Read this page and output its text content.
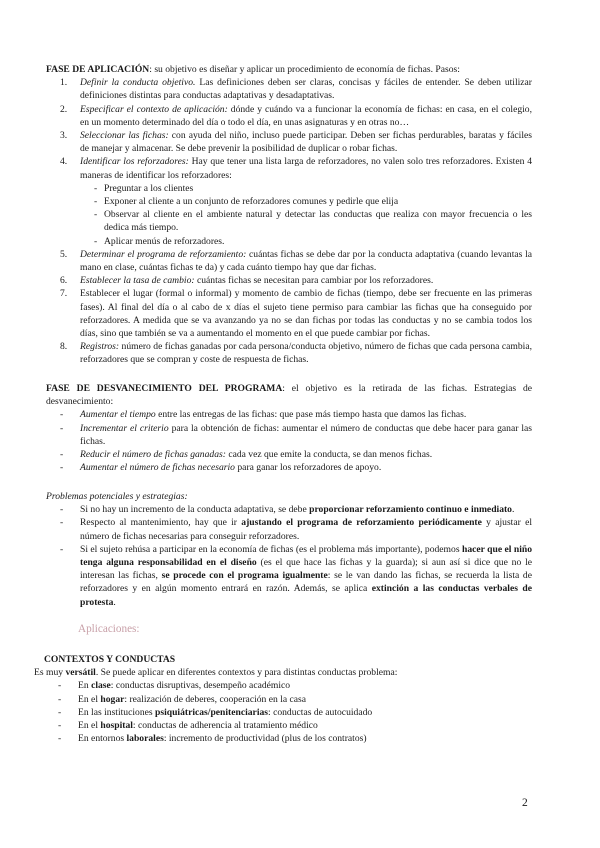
FASE DE APLICACIÓN: su objetivo es diseñar y aplicar un procedimiento de economía de fichas. Pasos:

1. Definir la conducta objetivo. Las definiciones deben ser claras, concisas y fáciles de entender. Se deben utilizar definiciones distintas para conductas adaptativas y desadaptativas.
2. Especificar el contexto de aplicación: dónde y cuándo va a funcionar la economía de fichas: en casa, en el colegio, en un momento determinado del día o todo el día, en unas asignaturas y en otras no…
3. Seleccionar las fichas: con ayuda del niño, incluso puede participar. Deben ser fichas perdurables, baratas y fáciles de manejar y almacenar. Se debe prevenir la posibilidad de duplicar o robar fichas.
4. Identificar los reforzadores: Hay que tener una lista larga de reforzadores, no valen solo tres reforzadores. Existen 4 maneras de identificar los reforzadores:
- Preguntar a los clientes
- Exponer al cliente a un conjunto de reforzadores comunes y pedirle que elija
- Observar al cliente en el ambiente natural y detectar las conductas que realiza con mayor frecuencia o les dedica más tiempo.
- Aplicar menús de reforzadores.
5. Determinar el programa de reforzamiento: cuántas fichas se debe dar por la conducta adaptativa (cuando levantas la mano en clase, cuántas fichas te da) y cada cuánto tiempo hay que dar fichas.
6. Establecer la tasa de cambio: cuántas fichas se necesitan para cambiar por los reforzadores.
7. Establecer el lugar (formal o informal) y momento de cambio de fichas (tiempo, debe ser frecuente en las primeras fases). Al final del día o al cabo de x días el sujeto tiene permiso para cambiar las fichas que ha conseguido por reforzadores. A medida que se va avanzando ya no se dan fichas por todas las conductas y no se cambia todos los días, sino que también se va a aumentando el momento en el que puede cambiar por fichas.
8. Registros: número de fichas ganadas por cada persona/conducta objetivo, número de fichas que cada persona cambia, reforzadores que se compran y coste de respuesta de fichas.

FASE DE DESVANECIMIENTO DEL PROGRAMA: el objetivo es la retirada de las fichas. Estrategias de desvanecimiento:

- Aumentar el tiempo entre las entregas de las fichas: que pase más tiempo hasta que damos las fichas.
- Incrementar el criterio para la obtención de fichas: aumentar el número de conductas que debe hacer para ganar las fichas.
- Reducir el número de fichas ganadas: cada vez que emite la conducta, se dan menos fichas.
- Aumentar el número de fichas necesario para ganar los reforzadores de apoyo.

Problemas potenciales y estrategias:

- Si no hay un incremento de la conducta adaptativa, se debe proporcionar reforzamiento continuo e inmediato.
- Respecto al mantenimiento, hay que ir ajustando el programa de reforzamiento periódicamente y ajustar el número de fichas necesarias para conseguir reforzadores.
- Si el sujeto rehúsa a participar en la economía de fichas (es el problema más importante), podemos hacer que el niño tenga alguna responsabilidad en el diseño (es el que hace las fichas y la guarda); si aun así si dice que no le interesan las fichas, se procede con el programa igualmente: se le van dando las fichas, se recuerda la lista de reforzadores y en algún momento entrará en razón. Además, se aplica extinción a las conductas verbales de protesta.
Aplicaciones:

CONTEXTOS Y CONDUCTAS

Es muy versátil. Se puede aplicar en diferentes contextos y para distintas conductas problema:

- En clase: conductas disruptivas, desempeño académico
- En el hogar: realización de deberes, cooperación en la casa
- En las instituciones psiquiátricas/penitenciarias: conductas de autocuidado
- En el hospital: conductas de adherencia al tratamiento médico
- En entornos laborales: incremento de productividad (plus de los contratos)
2
